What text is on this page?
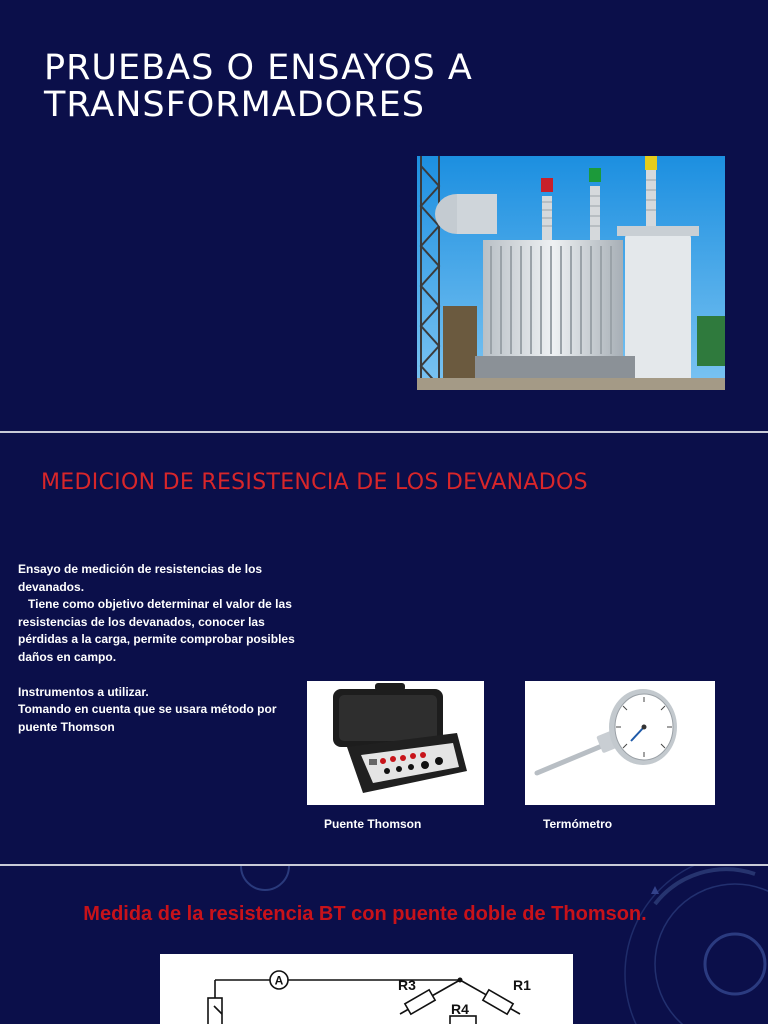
PRUEBAS O ENSAYOS A
TRANSFORMADORES
MEDICION DE RESISTENCIA DE LOS DEVANADOS

Ensayo de medición de resistencias de los devanados.

Tiene como objetivo determinar el valor de las resistencias de los devanados, conocer las pérdidas a la carga, permite comprobar posibles daños en campo.

Instrumentos a utilizar.

Tomando en cuenta que se usara método por puente Thomson

Puente Thomson	Termómetro
Medida de la resistencia BT con puente doble de Thomson.
A	R3	R1
R4
